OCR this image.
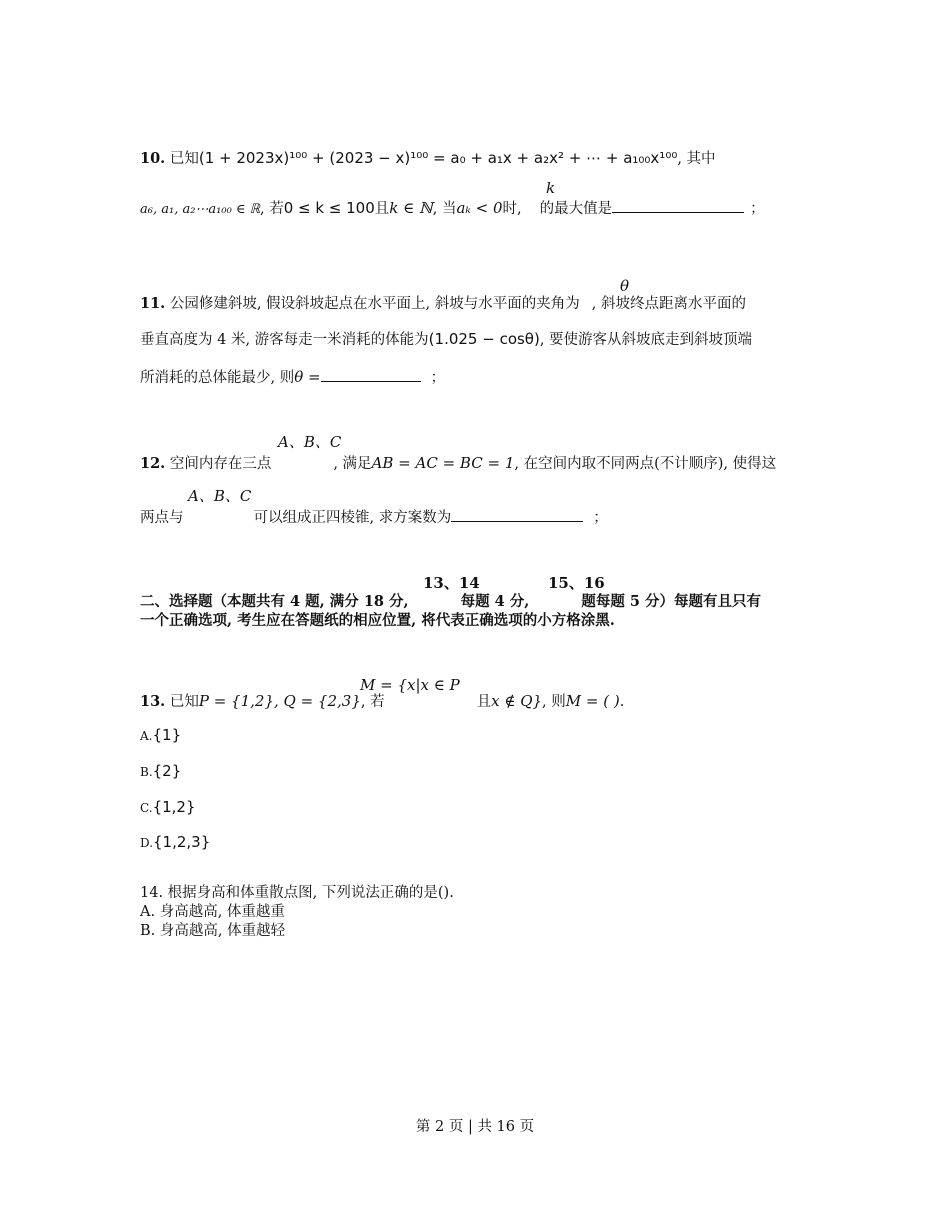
10. 已知(1 + 2023x)¹⁰⁰ + (2023 − x)¹⁰⁰ = a₀ + a₁x + a₂x² + ⋯ + a₁₀₀x¹⁰⁰, 其中
k
a₆, a₁, a₂⋯a₁₀₀ ∈ ℝ, 若0 ≤ k ≤ 100且k ∈ ℕ, 当aₖ < 0时, 的最大值是	；
θ
11. 公园修建斜坡, 假设斜坡起点在水平面上, 斜坡与水平面的夹角为 , 斜坡终点距离水平面的
垂直高度为 4 米, 游客每走一米消耗的体能为(1.025 − cosθ), 要使游客从斜坡底走到斜坡顶端
所消耗的总体能最少, 则θ =	；
A、B、C
12. 空间内存在三点	, 满足AB = AC = BC = 1, 在空间内取不同两点(不计顺序), 使得这
A、B、C
两点与	可以组成正四棱锥, 求方案数为	；
13、14	15、16
二、选择题（本题共有 4 题, 满分 18 分,	每题 4 分,	题每题 5 分）每题有且只有
一个正确选项, 考生应在答题纸的相应位置, 将代表正确选项的小方格涂黑.
M = {x|x ∈ P
13. 已知P = {1,2}, Q = {2,3}, 若	且x ∉ Q}, 则M = ( ).
A.{1}
B.{2}
C.{1,2}
D.{1,2,3}
14. 根据身高和体重散点图, 下列说法正确的是().
A. 身高越高, 体重越重
B. 身高越高, 体重越轻
第 2 页 | 共 16 页
